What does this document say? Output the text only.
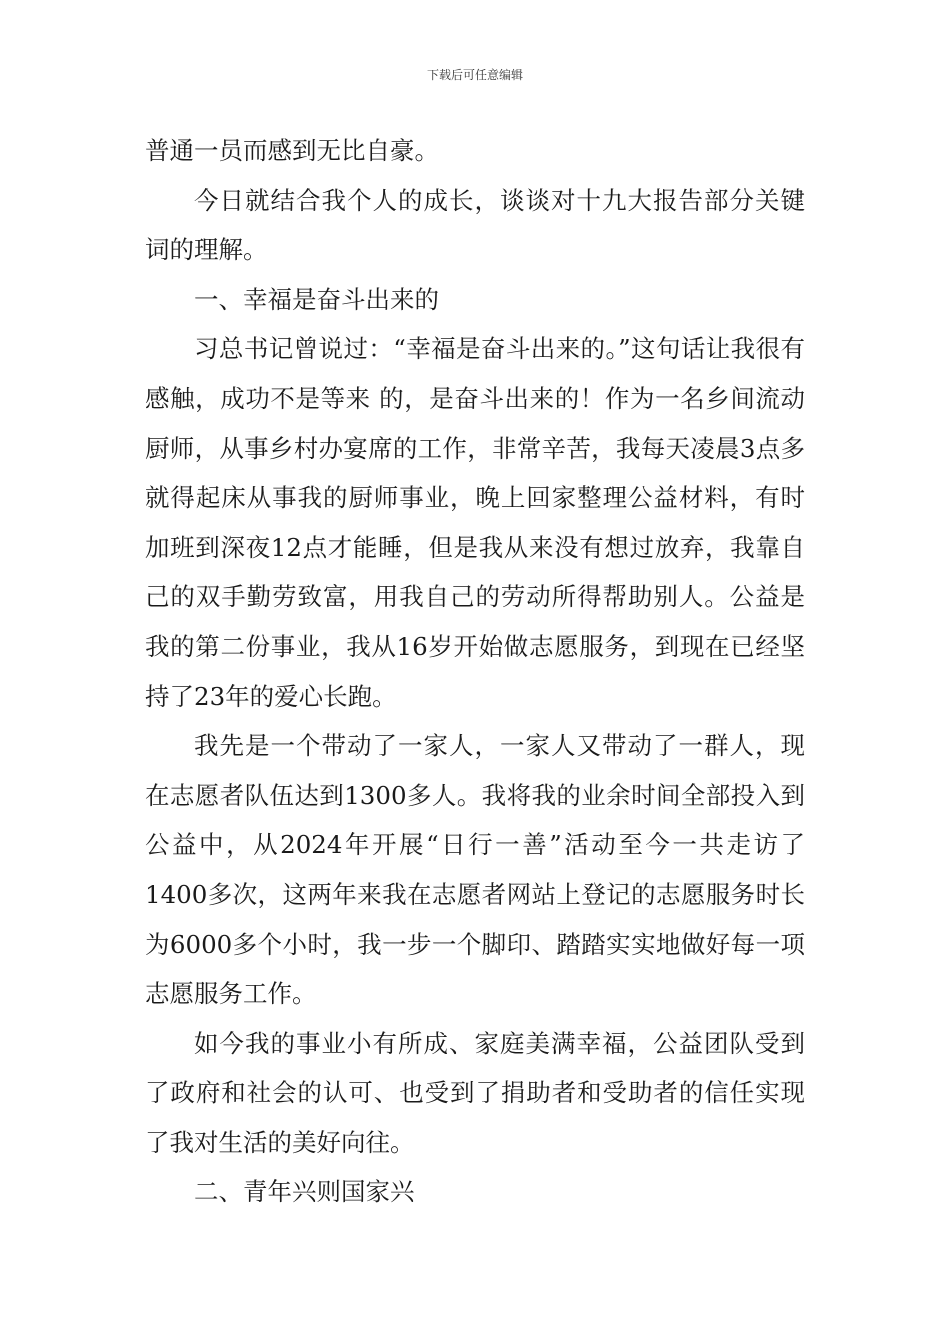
下载后可任意编辑

普通一员而感到无比自豪。

今日就结合我个人的成长，谈谈对十九大报告部分关键词的理解。

一、幸福是奋斗出来的

习总书记曾说过：“幸福是奋斗出来的。”这句话让我很有感触，成功不是等来 的，是奋斗出来的！作为一名乡间流动厨师，从事乡村办宴席的工作，非常辛苦，我每天凌晨3点多就得起床从事我的厨师事业，晚上回家整理公益材料，有时加班到深夜12点才能睡，但是我从来没有想过放弃，我靠自己的双手勤劳致富，用我自己的劳动所得帮助别人。公益是我的第二份事业，我从16岁开始做志愿服务，到现在已经坚持了23年的爱心长跑。

我先是一个带动了一家人，一家人又带动了一群人，现在志愿者队伍达到1300多人。我将我的业余时间全部投入到公益中，从2024年开展“日行一善”活动至今一共走访了1400多次，这两年来我在志愿者网站上登记的志愿服务时长为6000多个小时，我一步一个脚印、踏踏实实地做好每一项志愿服务工作。

如今我的事业小有所成、家庭美满幸福，公益团队受到了政府和社会的认可、也受到了捐助者和受助者的信任实现了我对生活的美好向往。

二、青年兴则国家兴
